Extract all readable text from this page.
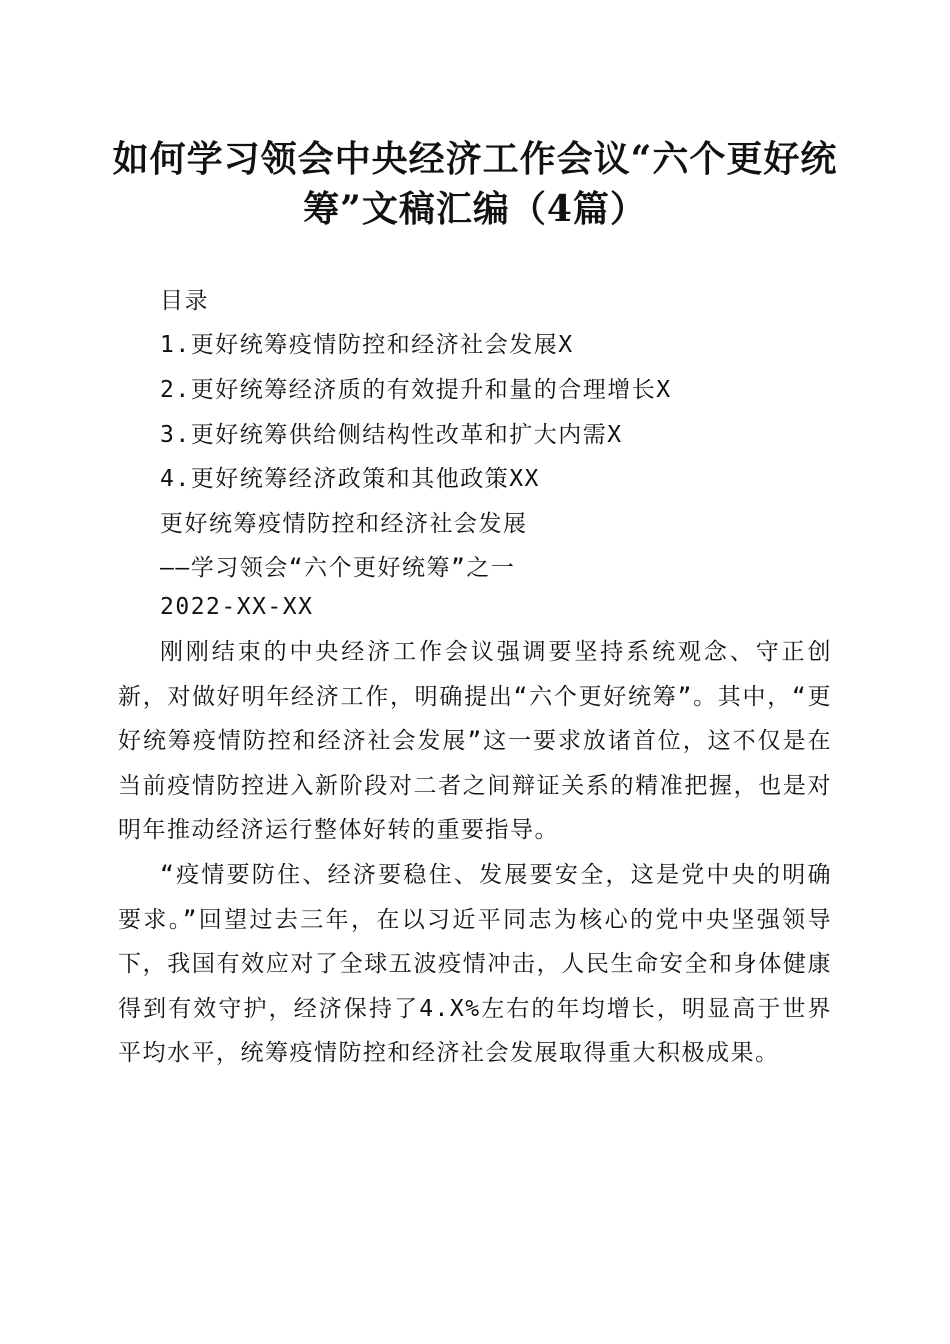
如何学习领会中央经济工作会议“六个更好统
筹”文稿汇编（4篇）
目录
1.更好统筹疫情防控和经济社会发展X
2.更好统筹经济质的有效提升和量的合理增长X
3.更好统筹供给侧结构性改革和扩大内需X
4.更好统筹经济政策和其他政策XX
更好统筹疫情防控和经济社会发展
——学习领会“六个更好统筹”之一
2022-XX-XX

刚刚结束的中央经济工作会议强调要坚持系统观念、守正创新，对做好明年经济工作，明确提出“六个更好统筹”。其中，“更好统筹疫情防控和经济社会发展”这一要求放诸首位，这不仅是在当前疫情防控进入新阶段对二者之间辩证关系的精准把握，也是对明年推动经济运行整体好转的重要指导。

“疫情要防住、经济要稳住、发展要安全，这是党中央的明确要求。”回望过去三年，在以习近平同志为核心的党中央坚强领导下，我国有效应对了全球五波疫情冲击，人民生命安全和身体健康得到有效守护，经济保持了4.X%左右的年均增长，明显高于世界平均水平，统筹疫情防控和经济社会发展取得重大积极成果。
